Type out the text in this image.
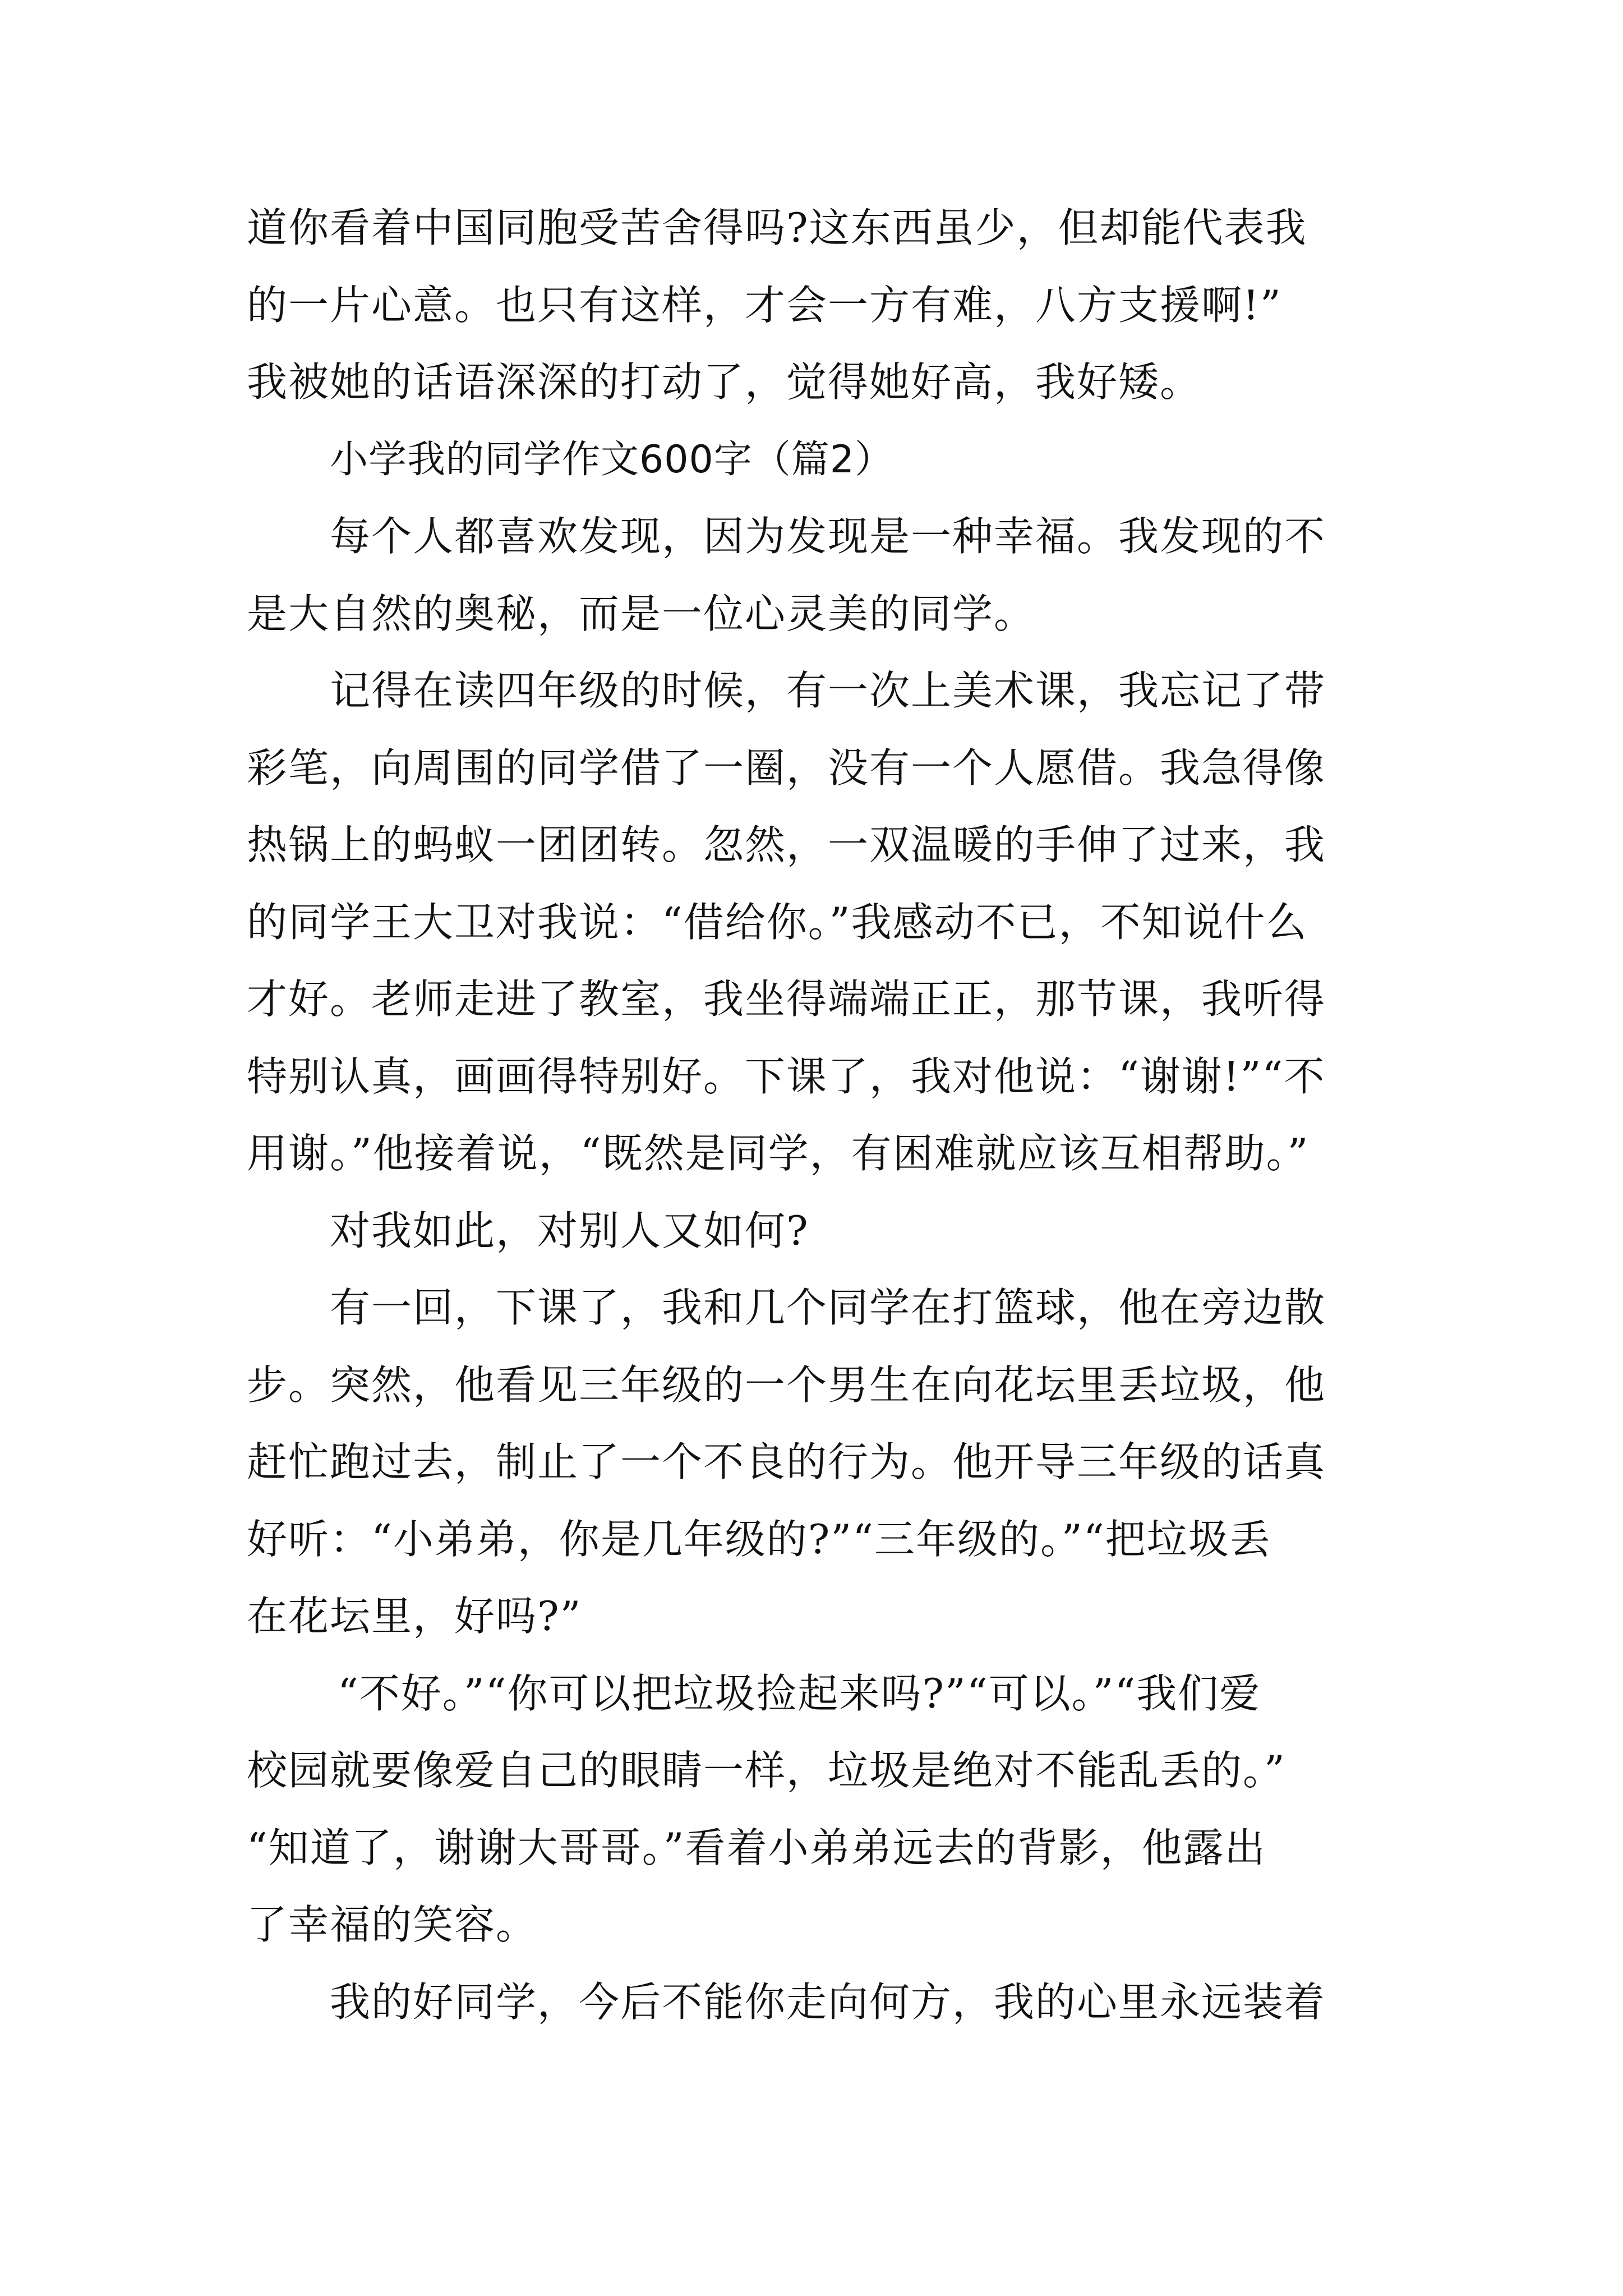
道你看着中国同胞受苦舍得吗?这东西虽少，但却能代表我
的一片心意。也只有这样，才会一方有难，八方支援啊!”
我被她的话语深深的打动了，觉得她好高，我好矮。
小学我的同学作文600字（篇2）
每个人都喜欢发现，因为发现是一种幸福。我发现的不
是大自然的奥秘，而是一位心灵美的同学。
记得在读四年级的时候，有一次上美术课，我忘记了带
彩笔，向周围的同学借了一圈，没有一个人愿借。我急得像
热锅上的蚂蚁一团团转。忽然，一双温暖的手伸了过来，我
的同学王大卫对我说：“借给你。”我感动不已，不知说什么
才好。老师走进了教室，我坐得端端正正，那节课，我听得
特别认真，画画得特别好。下课了，我对他说：“谢谢!”“不
用谢。”他接着说，“既然是同学，有困难就应该互相帮助。”
对我如此，对别人又如何?
有一回，下课了，我和几个同学在打篮球，他在旁边散
步。突然，他看见三年级的一个男生在向花坛里丢垃圾，他
赶忙跑过去，制止了一个不良的行为。他开导三年级的话真
好听：“小弟弟，你是几年级的?”“三年级的。”“把垃圾丢
在花坛里，好吗?”
“不好。”“你可以把垃圾捡起来吗?”“可以。”“我们爱
校园就要像爱自己的眼睛一样，垃圾是绝对不能乱丢的。”
“知道了，谢谢大哥哥。”看着小弟弟远去的背影，他露出
了幸福的笑容。
我的好同学，今后不能你走向何方，我的心里永远装着
